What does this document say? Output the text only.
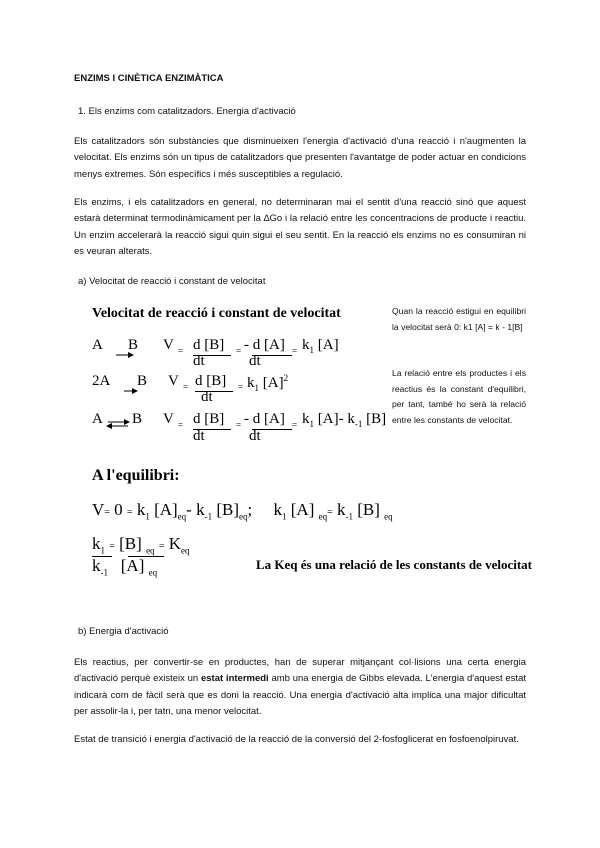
ENZIMS I CINÈTICA ENZIMÀTICA
1. Els enzims com catalitzadors. Energia d'activació
Els catalitzadors són substàncies que disminueixen l'energia d'activació d'una reacció i n'augmenten la velocitat. Els enzims són un tipus de catalitzadors que presenten l'avantatge de poder actuar en condicions menys extremes. Són específics i més susceptibles a regulació.
Els enzims, i els catalitzadors en general, no determinaran mai el sentit d'una reacció sinó que aquest estarà determinat termodinàmicament per la ∆Go i la relació entre les concentracions de producte i reactiu. Un enzim accelerarà la reacció sigui quin sigui el seu sentit. En la reacció els enzims no es consumiran ni es veuran alterats.
a) Velocitat de reacció i constant de velocitat
Velocitat de reacció i constant de velocitat
A →
B V = d [B] = - d $[A] = k_1$ [A]
dt	dt
2A → B V = d $[B] = k_1$ $[A]^2$
dt
A ⇌ B V = d [B] = - d $[A] = k_1$ [A]- $k_{-1}$ [B]
dt	dt
Quan la reacció estigui en equilibri la velocitat serà 0: k1 [A] = k - 1[B]
La relació entre els productes i els reactius és la constant d'equilibri, per tant, també ho serà la relació entre les constants de velocitat.
A l'equilibri:
$V= 0 = k_1$ $[A]_{eq}-$ $k_{-1}$ $[B]_{eq}$; $k_1$ [A] $_{eq}= k_{-1}$ [B] $_{eq}$
$k_1 = [B] _{eq} = K_{eq}$
$k_{-1}$ [A] $_{eq}$
La Keq és una relació de les constants de velocitat
b) Energia d'activació
Els reactius, per convertir-se en productes, han de superar mitjançant col·lisions una certa energia d'activació perquè existeix un estat intermedi amb una energia de Gibbs elevada. L'energia d'aquest estat indicarà com de fàcil serà que es doni la reacció. Una energia d'activació alta implica una major dificultat per assolir-la i, per tatn, una menor velocitat.
Estat de transició i energia d'activació de la reacció de la conversió del 2-fosfoglicerat en fosfoenolpiruvat.
